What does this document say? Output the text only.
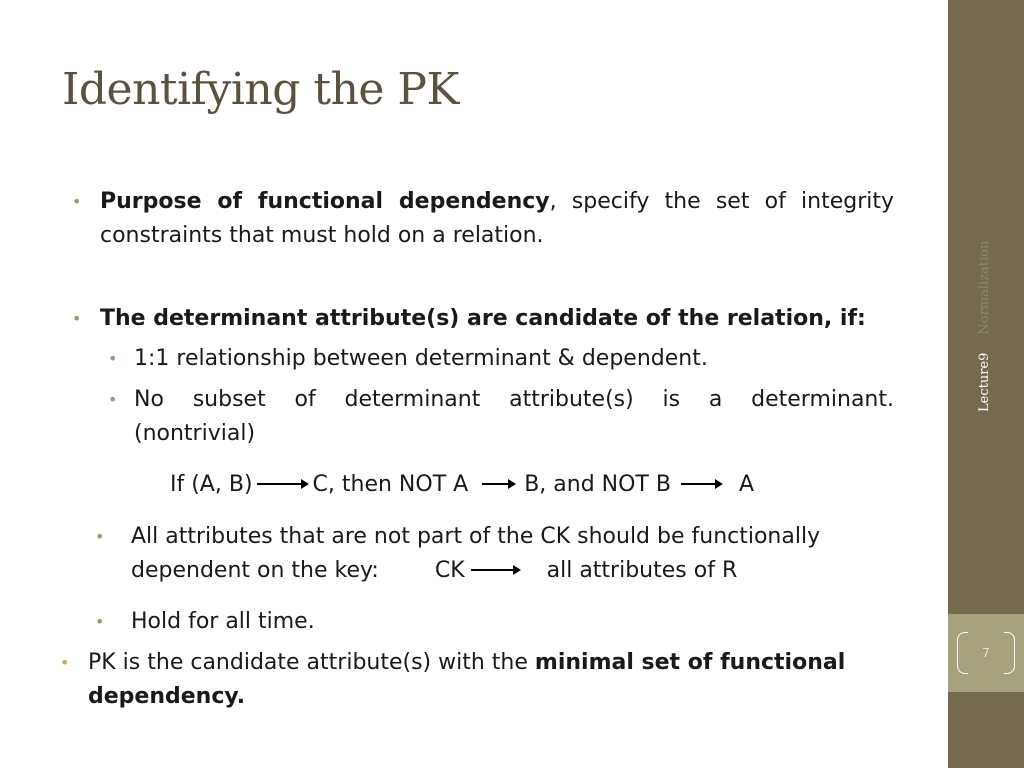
Identifying the PK
• Purpose of functional dependency, specify the set of integrity
constraints that must hold on a relation.
• The determinant attribute(s) are candidate of the relation, if:
• 1:1 relationship between determinant & dependent.
• No subset of determinant attribute(s) is a determinant.
(nontrivial)
If (A, B)	C, then NOT A	B, and NOT B	A
• All attributes that are not part of the CK should be functionally
dependent on the key:	CK	all attributes of R
• Hold for all time.
• PK is the candidate attribute(s) with the minimal set of functional
dependency.
7
Lecture9
Normalization
